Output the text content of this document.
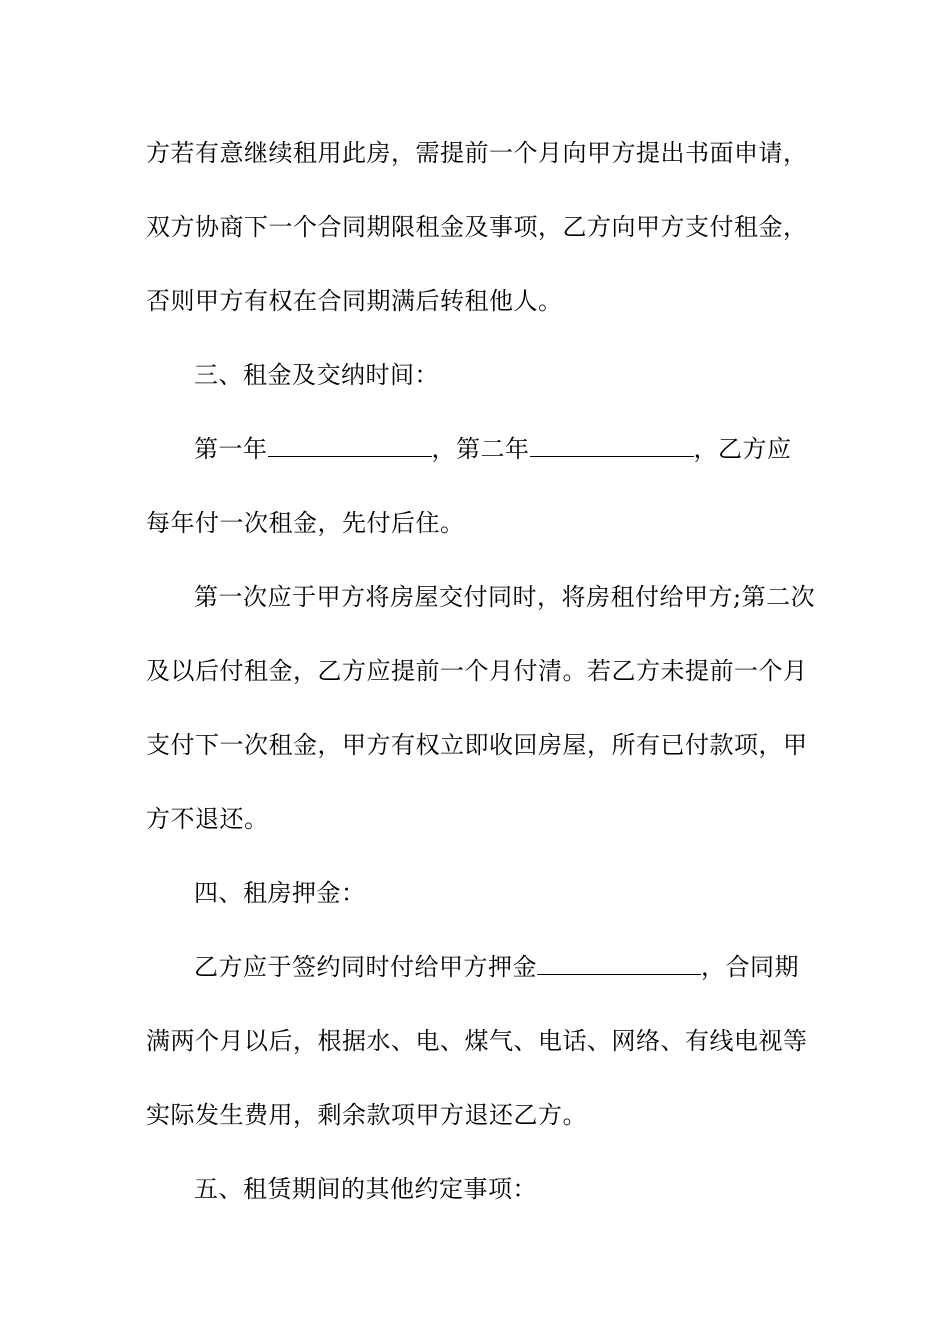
方若有意继续租用此房，需提前一个月向甲方提出书面申请，
双方协商下一个合同期限租金及事项，乙方向甲方支付租金，
否则甲方有权在合同期满后转租他人。
三、租金及交纳时间：
第一年	，第二年	，乙方应
每年付一次租金，先付后住。
第一次应于甲方将房屋交付同时，将房租付给甲方;第二次
及以后付租金，乙方应提前一个月付清。若乙方未提前一个月
支付下一次租金，甲方有权立即收回房屋，所有已付款项，甲
方不退还。
四、租房押金：
乙方应于签约同时付给甲方押金	，合同期
满两个月以后，根据水、电、煤气、电话、网络、有线电视等
实际发生费用，剩余款项甲方退还乙方。
五、租赁期间的其他约定事项：
